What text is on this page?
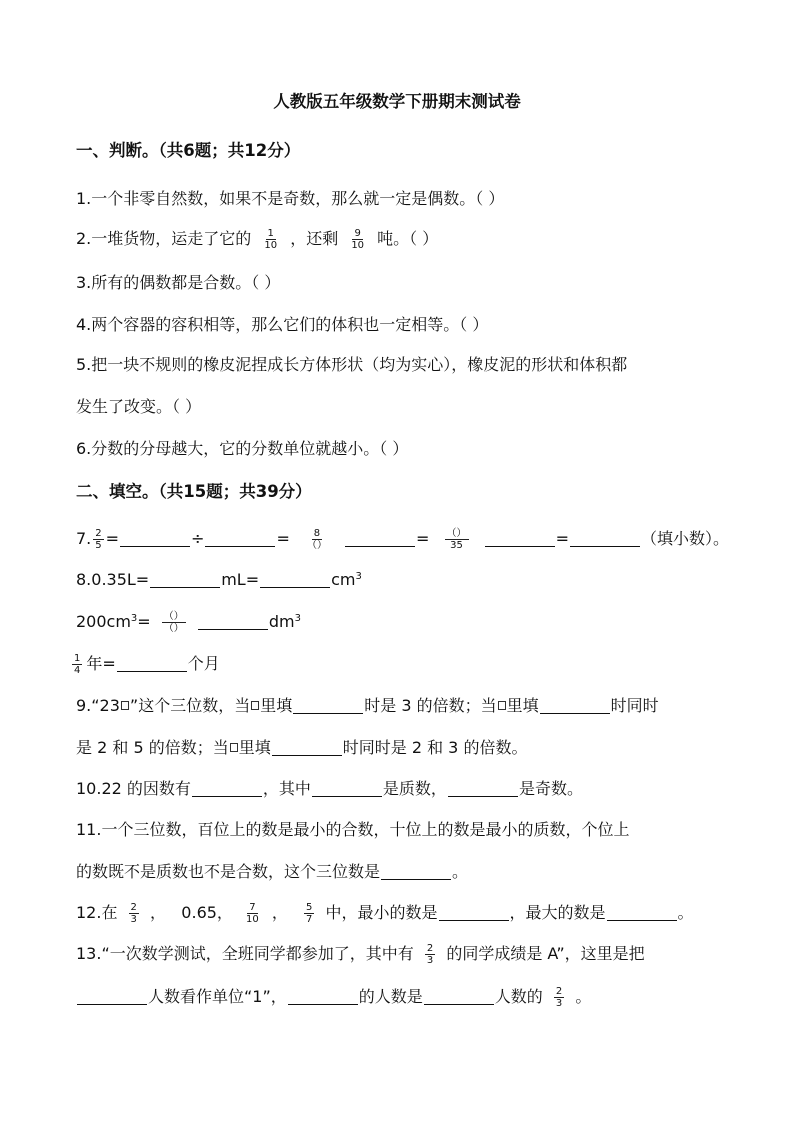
人教版五年级数学下册期末测试卷
一、判断。（共6题；共12分）
1.一个非零自然数，如果不是奇数，那么就一定是偶数。（ ）
2.一堆货物，运走了它的 $\frac{1}{10}$ ，还剩 $\frac{9}{10}$ 吨。（ ）
3.所有的偶数都是合数。（ ）
4.两个容器的容积相等，那么它们的体积也一定相等。（ ）
5.把一块不规则的橡皮泥捏成长方体形状（均为实心），橡皮泥的形状和体积都
发生了改变。（ ）
6.分数的分母越大，它的分数单位就越小。（ ）
二、填空。（共15题；共39分）
7. $\frac{2}{5}$ =	÷	= $\frac{8}{()}$	= $\frac{()}{35}$	=	（填小数）。
8.0.35L=	mL=	$cm^3$
$200cm^3= \frac{()}{()}$	$dm^3$
$\frac{1}{4}$ 年=	个月
9.“23 ”这个三位数，当 里填	时是 3 的倍数；当 里填	时同时
是 2 和 5 的倍数；当 里填	时同时是 2 和 3 的倍数。
10.22 的因数有	，其中	是质数，	是奇数。
11.一个三位数，百位上的数是最小的合数，十位上的数是最小的质数，个位上
的数既不是质数也不是合数，这个三位数是	。
12.在 $\frac{2}{3}$ ， 0.65， $\frac{7}{10}$ ， $\frac{5}{7}$ 中，最小的数是	，最大的数是	。
13.“一次数学测试，全班同学都参加了，其中有 $\frac{2}{3}$ 的同学成绩是 A”，这里是把
人数看作单位“1”，	的人数是	人数的 $\frac{2}{3}$ 。
